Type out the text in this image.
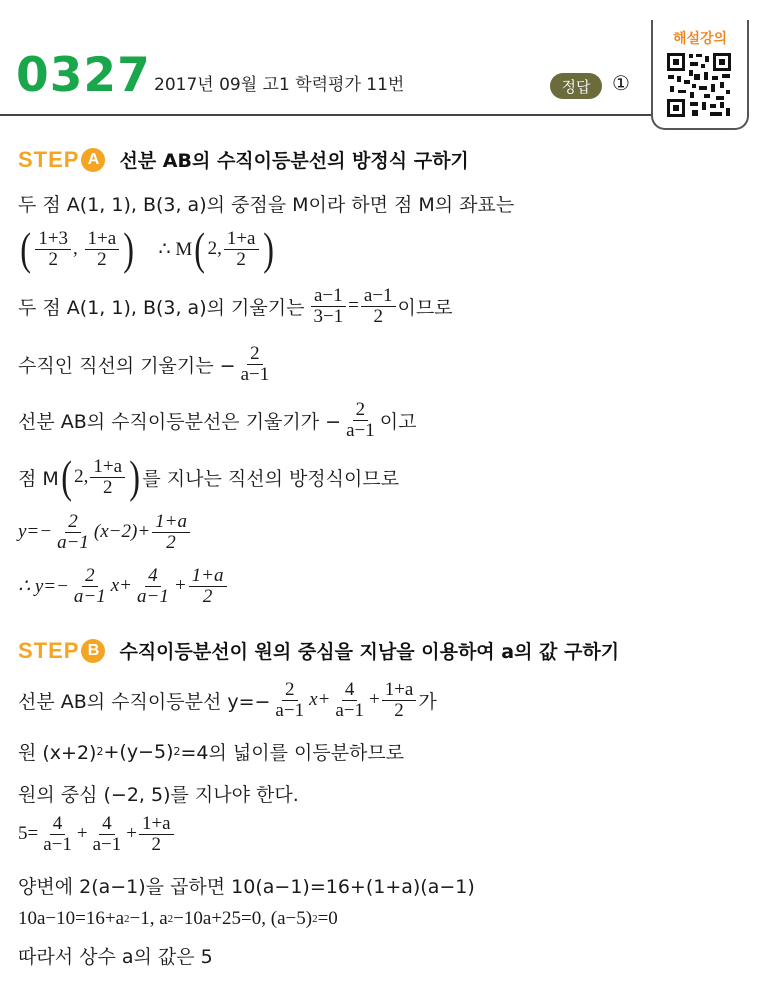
0327 2017년 09월 고1 학력평가 11번	정답	①
해설강의
STEP A	선분 AB의 수직이등분선의 방정식 구하기
두 점 A(1, 1), B(3, a)의 중점을 M이라 하면 점 M의 좌표는
( $\frac{1+3}{2}$ , $\frac{1+a}{2}$ ) ∴ M ( 2, $\frac{1+a}{2}$ )
두 점 A(1, 1), B(3, a)의 기울기는 $\frac{a-1}{3-1} = \frac{a-1}{2}$ 이므로
수직인 직선의 기울기는 − $\frac{2}{a-1}$
선분 AB의 수직이등분선은 기울기가 − $\frac{2}{a-1}$ 이고
점 M ( 2, $\frac{1+a}{2}$ ) 를 지나는 직선의 방정식이므로
$y=- \frac{2}{a-1} (x-2)+ \frac{1+a}{2}$
∴ $y=- \frac{2}{a-1} x+ \frac{4}{a-1} + \frac{1+a}{2}$
STEP B	수직이등분선이 원의 중심을 지남을 이용하여 a의 값 구하기
선분 AB의 수직이등분선 $y=- \frac{2}{a-1} x+ \frac{4}{a-1} + \frac{1+a}{2}$ 가
원 (x+2) 2 +(y−5) 2 =4의 넓이를 이등분하므로
원의 중심 (−2, 5)를 지나야 한다.
$5= \frac{4}{a-1} + \frac{4}{a-1} + \frac{1+a}{2}$
양변에 2(a−1)을 곱하면 10(a−1)=16+(1+a)(a−1)
10a−10=16+a 2 −1, a 2 −10a+25=0, (a−5) 2 =0
따라서 상수 a의 값은 5
